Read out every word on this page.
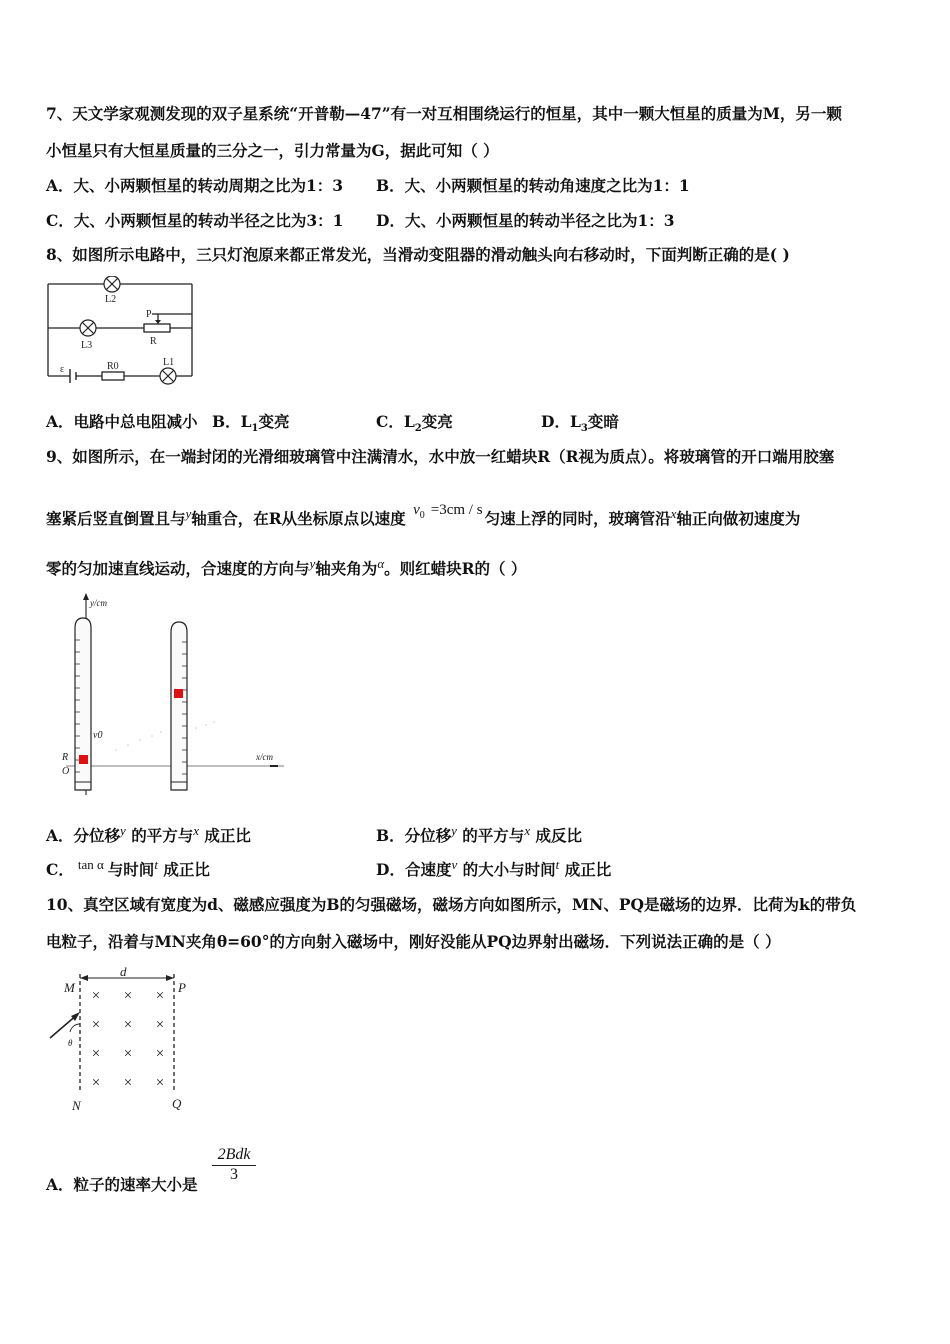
7、天文学家观测发现的双子星系统“开普勒—47”有一对互相围绕运行的恒星，其中一颗大恒星的质量为M，另一颗
小恒星只有大恒星质量的三分之一，引力常量为G，据此可知（ ）
A．大、小两颗恒星的转动周期之比为1：3 B．大、小两颗恒星的转动角速度之比为1：1
C．大、小两颗恒星的转动半径之比为3：1 D．大、小两颗恒星的转动半径之比为1：3
8、如图所示电路中，三只灯泡原来都正常发光，当滑动变阻器的滑动触头向右移动时，下面判断正确的是( )
L2
L3
P
R
L1
R0
ε
A．电路中总电阻减小 B．$L_1$变亮	C．$L_2$变亮	D．$L_3$变暗
9、如图所示，在一端封闭的光滑细玻璃管中注满清水，水中放一红蜡块R（R视为质点）。将玻璃管的开口端用胶塞
塞紧后竖直倒置且与$^y$轴重合，在R从坐标原点以速度 $v_0 =3cm / s$ 匀速上浮的同时，玻璃管沿$^x$轴正向做初速度为
零的匀加速直线运动，合速度的方向与$^y$轴夹角为$^\alpha$。则红蜡块R的（ ）
y/cm
x/cm
v0
R
O
A．分位移$^y$ 的平方与$^x$ 成正比	B．分位移$^y$ 的平方与$^x$ 成反比
C． $^{tan \alpha}$ 与时间$^t$ 成正比	D．合速度$^v$ 的大小与时间$^t$ 成正比
10、真空区域有宽度为d、磁感应强度为B的匀强磁场，磁场方向如图所示，MN、PQ是磁场的边界．比荷为k的带负
电粒子，沿着与MN夹角θ=60°的方向射入磁场中，刚好没能从PQ边界射出磁场．下列说法正确的是（ ）
× × ×
× × ×
× × ×
× × ×
M	P
N	Q
d
θ
A．粒子的速率大小是
2Bdk
3
